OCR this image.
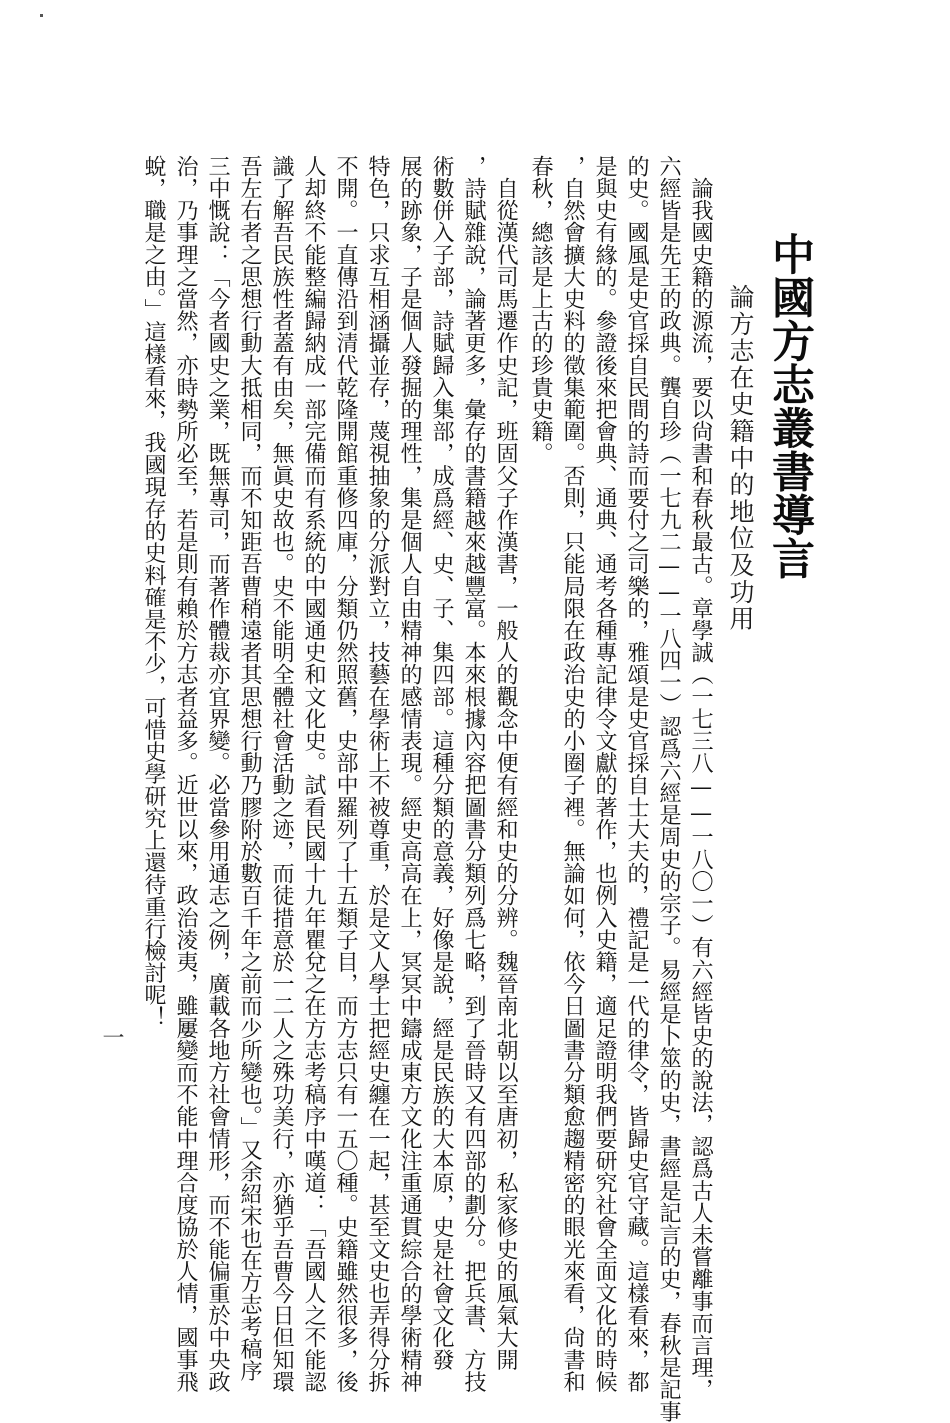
中國方志叢書導言
論方志在史籍中的地位及功用
　論我國史籍的源流，要以尙書和春秋最古。章學誠（一七三八——一八〇一）有六經皆史的說法，認爲古人未嘗離事而言理，
六經皆是先王的政典。龔自珍（一七九二——一八四一）認爲六經是周史的宗子。易經是卜筮的史，書經是記言的史，春秋是記事
的史。國風是史官採自民間的詩而要付之司樂的，雅頌是史官採自士大夫的，禮記是一代的律令，皆歸史官守藏。這樣看來，都
是與史有緣的。參證後來把會典、通典、通考各種專記律令文獻的著作，也例入史籍，適足證明我們要研究社會全面文化的時候
，自然會擴大史料的徵集範圍。否則，只能局限在政治史的小圈子裡。無論如何，依今日圖書分類愈趨精密的眼光來看，尙書和
春秋，總該是上古的珍貴史籍。
　自從漢代司馬遷作史記，班固父子作漢書，一般人的觀念中便有經和史的分辨。魏晉南北朝以至唐初，私家修史的風氣大開
，詩賦雜說，論著更多，彙存的書籍越來越豐富。本來根據內容把圖書分類列爲七略，到了晉時又有四部的劃分。把兵書、方技
術數併入子部，詩賦歸入集部，成爲經、史、子、集四部。這種分類的意義，好像是說，經是民族的大本原，史是社會文化發
展的跡象，子是個人發掘的理性，集是個人自由精神的感情表現。經史高高在上，冥冥中鑄成東方文化注重通貫綜合的學術精神
特色，只求互相涵攝並存，蔑視抽象的分派對立，技藝在學術上不被尊重，於是文人學士把經史纏在一起，甚至文史也弄得分拆
不開。一直傳沿到清代乾隆開館重修四庫，分類仍然照舊，史部中羅列了十五類子目，而方志只有一五〇種。史籍雖然很多，後
人却終不能整編歸納成一部完備而有系統的中國通史和文化史。試看民國十九年瞿兌之在方志考稿序中嘆道：「吾國人之不能認
識了解吾民族性者蓋有由矣，無眞史故也。史不能明全體社會活動之迹，而徒措意於一二人之殊功美行，亦猶乎吾曹今日但知環
吾左右者之思想行動大抵相同，而不知距吾曹稍遠者其思想行動乃膠附於數百千年之前而少所變也。」又余紹宋也在方志考稿序
三中慨說：「今者國史之業，既無專司，而著作體裁亦宜界變。必當參用通志之例，廣載各地方社會情形，而不能偏重於中央政
治，乃事理之當然，亦時勢所必至，若是則有賴於方志者益多。近世以來，政治淩夷，雖屢變而不能中理合度協於人情，國事飛
蛻，職是之由。」這樣看來，我國現存的史料確是不少，可惜史學研究上還待重行檢討呢！
一
